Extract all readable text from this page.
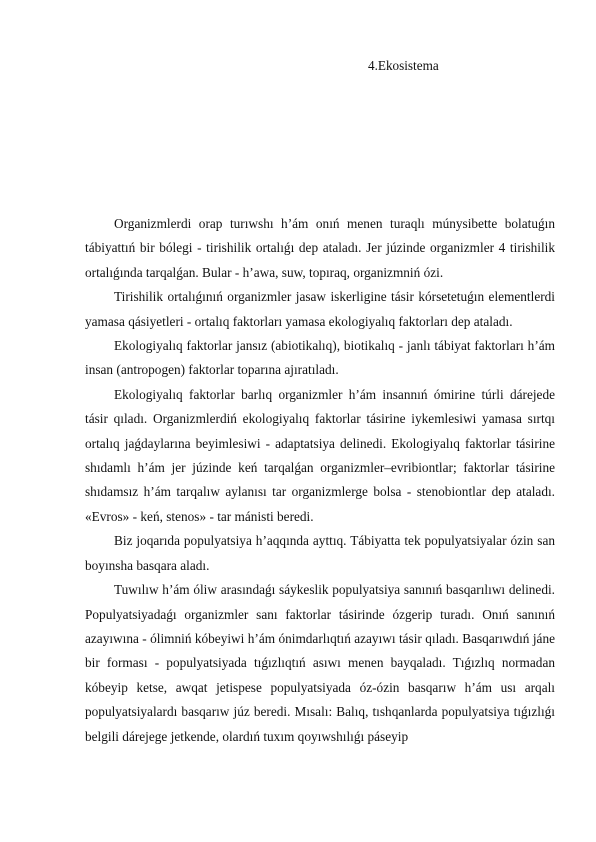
4.Ekosistema

Organizmlerdi orap turıwshı h’ám onıń menen turaqlı múnysibette bolatuǵın tábiyattıń bir bólegi - tirishilik ortalıǵı dep ataladı. Jer júzinde organizmler 4 tirishilik ortalıǵında tarqalǵan. Bular - h’awa, suw, topıraq, organizmniń ózi.

Tirishilik ortalıǵınıń organizmler jasaw iskerligine tásir kórsetetuǵın elementlerdi yamasa qásiyetleri - ortalıq faktorları yamasa ekologiyalıq faktorları dep ataladı.

Ekologiyalıq faktorlar jansız (abiotikalıq), biotikalıq - janlı tábiyat faktorları h’ám insan (antropogen) faktorlar toparına ajıratıladı.

Ekologiyalıq faktorlar barlıq organizmler h’ám insannıń ómirine túrli dárejede tásir qıladı. Organizmlerdiń ekologiyalıq faktorlar tásirine iykemlesiwi yamasa sırtqı ortalıq jaǵdaylarına beyimlesiwi - adaptatsiya delinedi. Ekologiyalıq faktorlar tásirine shıdamlı h’ám jer júzinde keń tarqalǵan organizmler–evribiontlar; faktorlar tásirine shıdamsız h’ám tarqalıw aylanısı tar organizmlerge bolsa - stenobiontlar dep ataladı. «Evros» - keń, stenos» - tar mánisti beredi.

Biz joqarıda populyatsiya h’aqqında ayttıq. Tábiyatta tek populyatsiyalar ózin san boyınsha basqara aladı.

Tuwılıw h’ám óliw arasındaǵı sáykeslik populyatsiya sanınıń basqarılıwı delinedi. Populyatsiyadaǵı organizmler sanı faktorlar tásirinde ózgerip turadı. Onıń sanınıń azayıwına - ólimniń kóbeyiwi h’ám ónimdarlıqtıń azayıwı tásir qıladı. Basqarıwdıń jáne bir forması - populyatsiyada tıǵızlıqtıń asıwı menen bayqaladı. Tıǵızlıq normadan kóbeyip ketse, awqat jetispese populyatsiyada óz-ózin basqarıw h’ám usı arqalı populyatsiyalardı basqarıw júz beredi. Mısalı: Balıq, tıshqanlarda populyatsiya tıǵızlıǵı belgili dárejege jetkende, olardıń tuxım qoyıwshılıǵı páseyip
